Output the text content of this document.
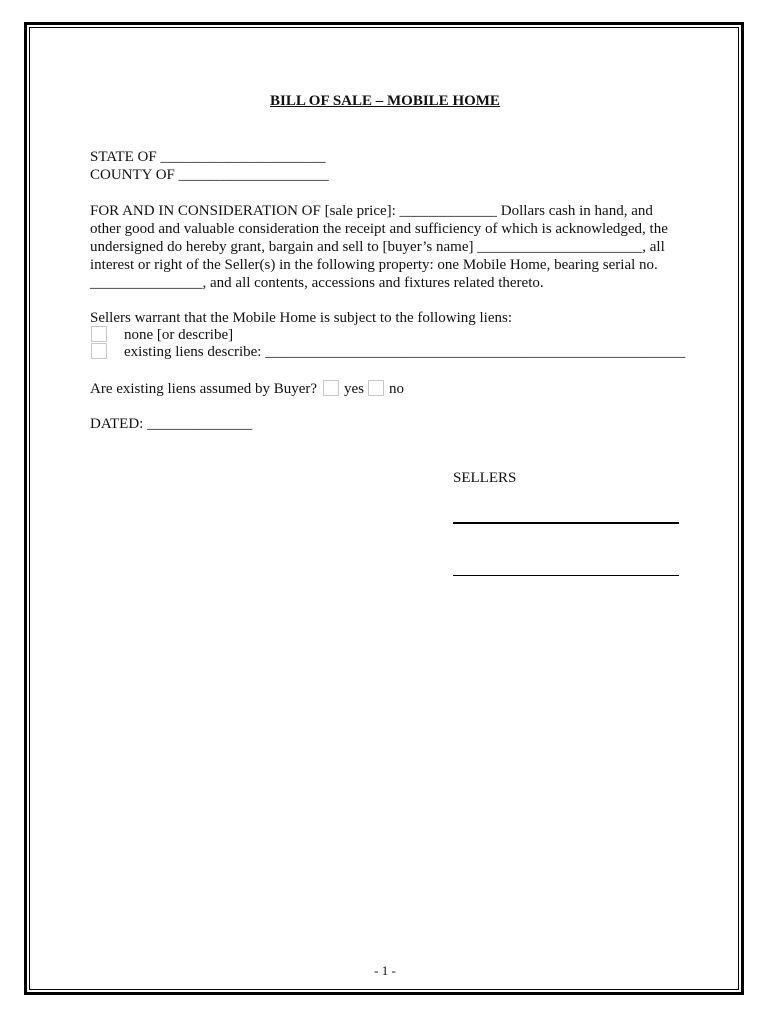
BILL OF SALE – MOBILE HOME

STATE OF ______________________

COUNTY OF ____________________

FOR AND IN CONSIDERATION OF [sale price]: _____________ Dollars cash in hand, and

other good and valuable consideration the receipt and sufficiency of which is acknowledged, the

undersigned do hereby grant, bargain and sell to [buyer’s name] ______________________, all

interest or right of the Seller(s) in the following property: one Mobile Home, bearing serial no.

_______________, and all contents, accessions and fixtures related thereto.

Sellers warrant that the Mobile Home is subject to the following liens:

none [or describe]

existing liens describe: ________________________________________________________

Are existing liens assumed by Buyer? yes no

DATED: ______________

SELLERS

- 1 -
